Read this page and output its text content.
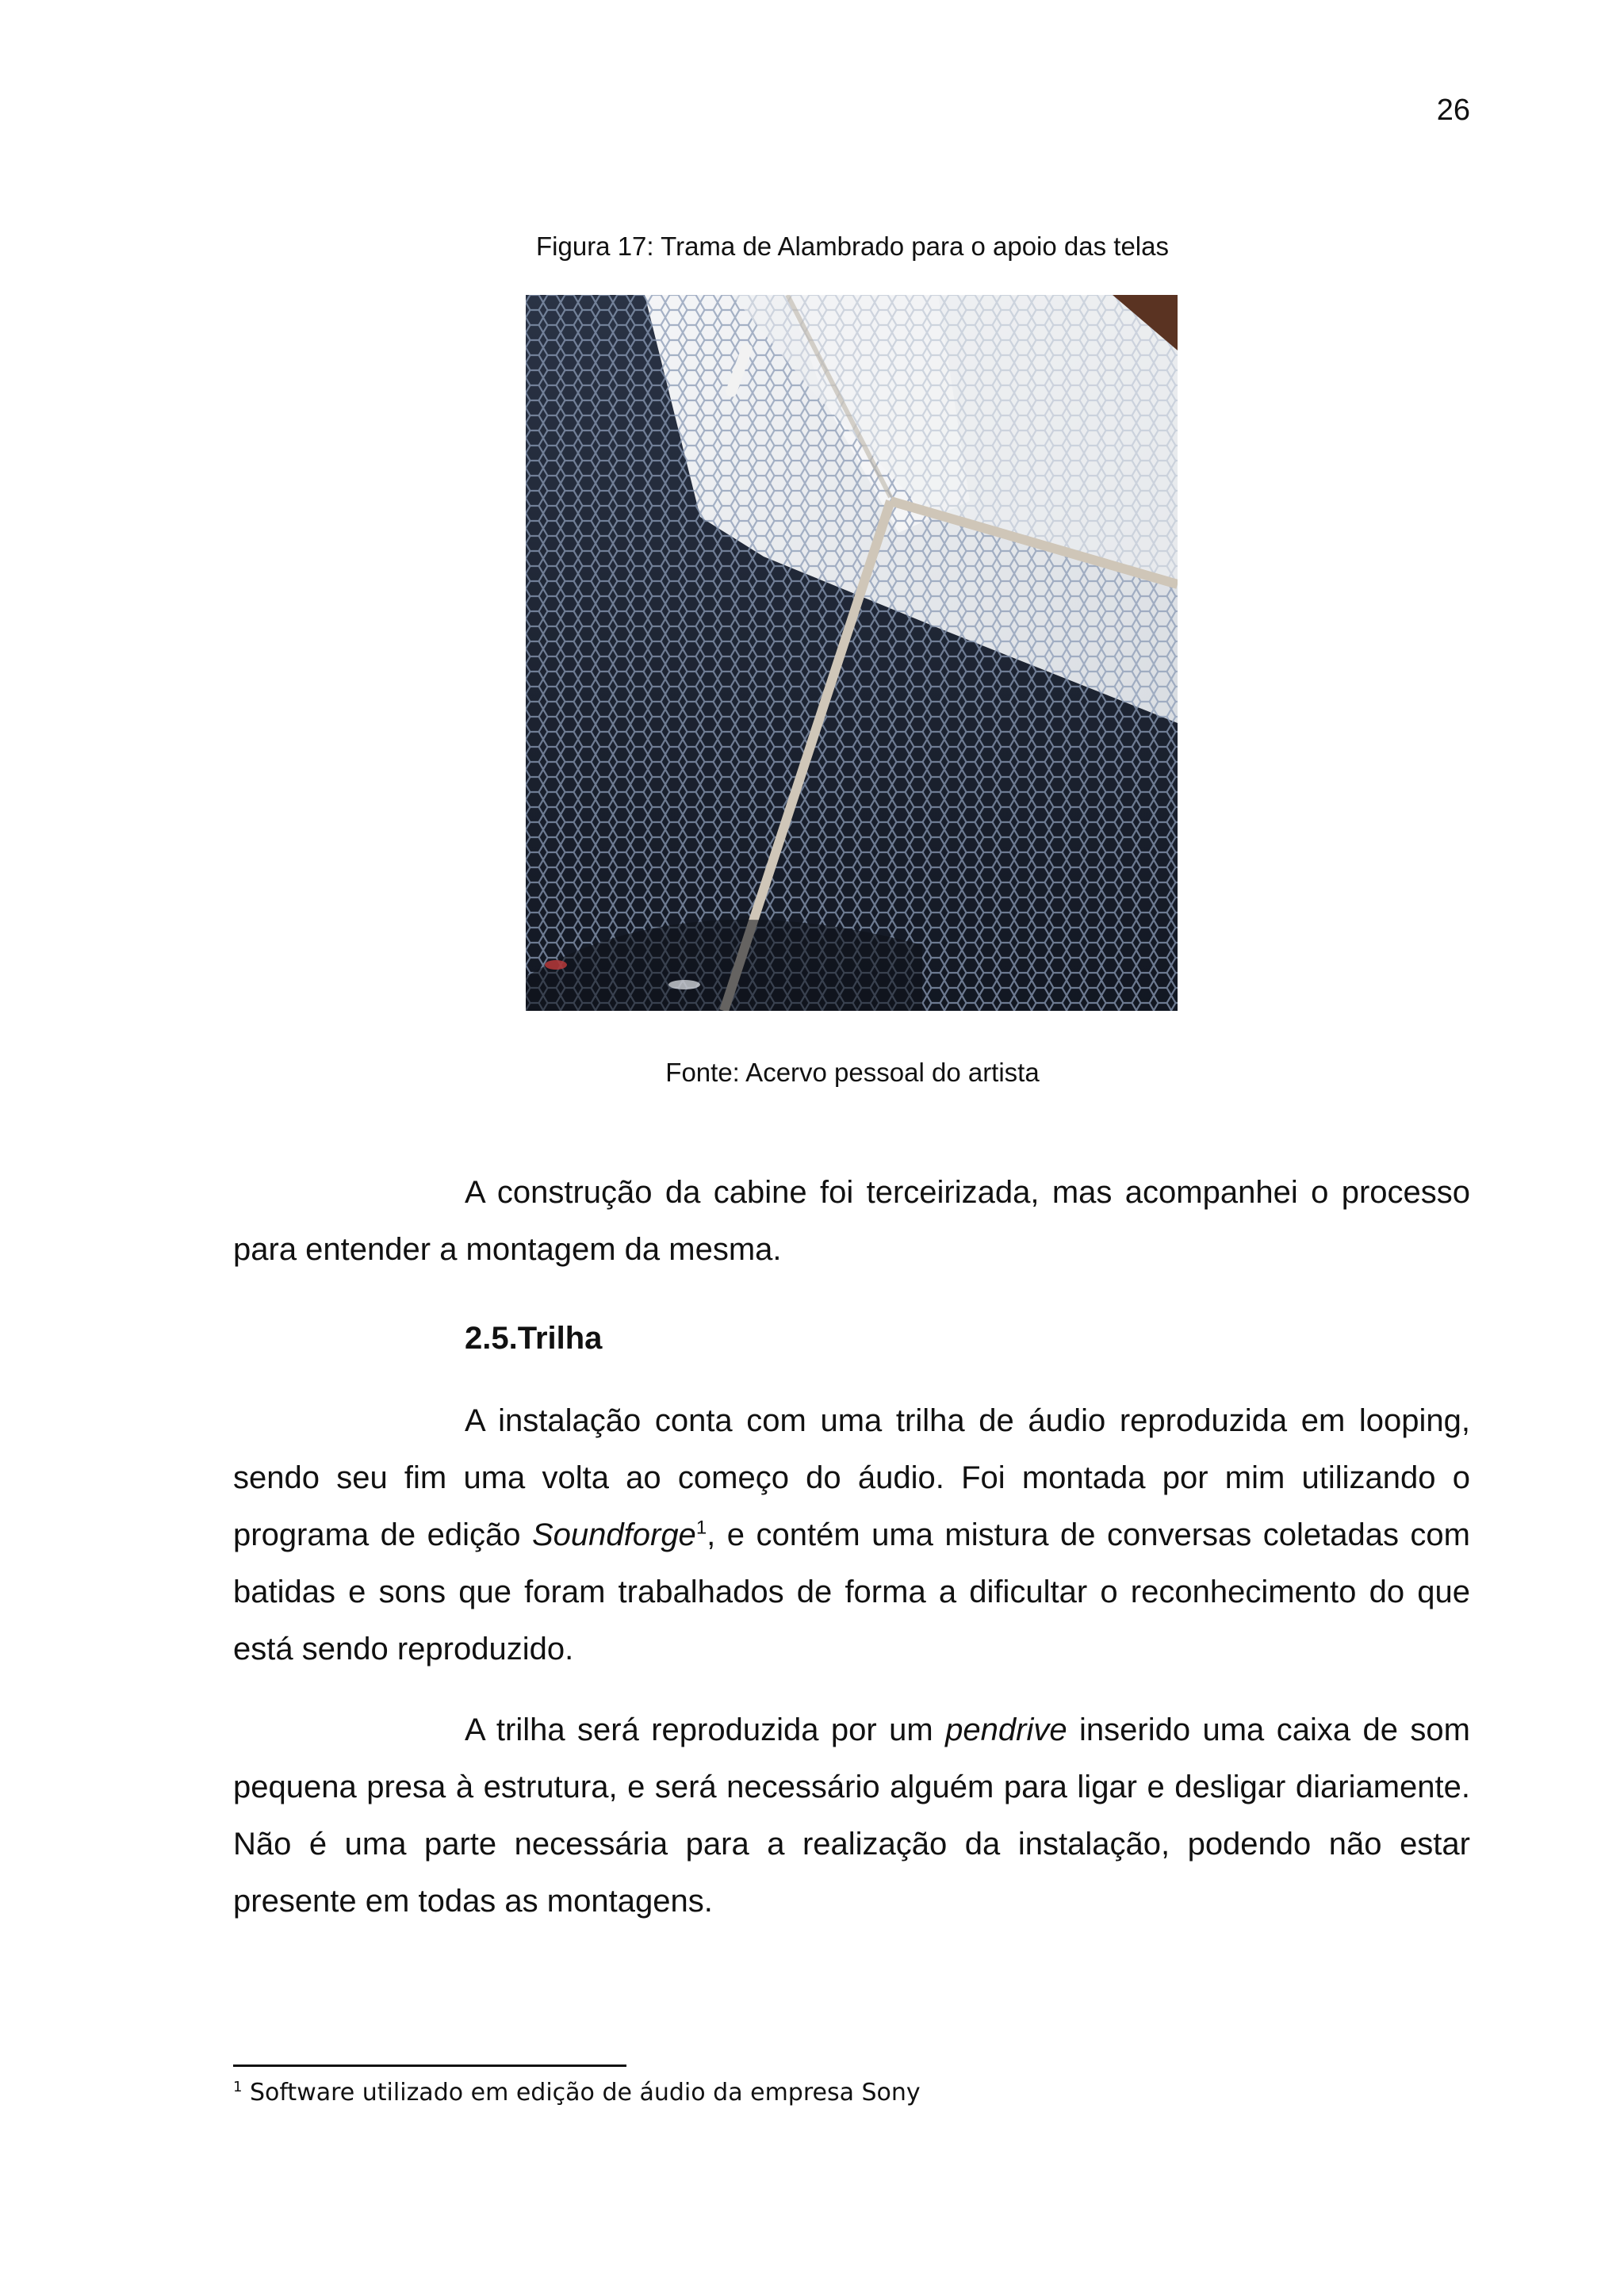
26
Figura 17: Trama de Alambrado para o apoio das telas
Fonte: Acervo pessoal do artista

A construção da cabine foi terceirizada, mas acompanhei o processo para entender a montagem da mesma.

2.5.Trilha

A instalação conta com uma trilha de áudio reproduzida em looping, sendo seu fim uma volta ao começo do áudio. Foi montada por mim utilizando o programa de edição Soundforge$^1$, e contém uma mistura de conversas coletadas com batidas e sons que foram trabalhados de forma a dificultar o reconhecimento do que está sendo reproduzido.

A trilha será reproduzida por um pendrive inserido uma caixa de som pequena presa à estrutura, e será necessário alguém para ligar e desligar diariamente. Não é uma parte necessária para a realização da instalação, podendo não estar presente em todas as montagens.

$^1$ Software utilizado em edição de áudio da empresa Sony
